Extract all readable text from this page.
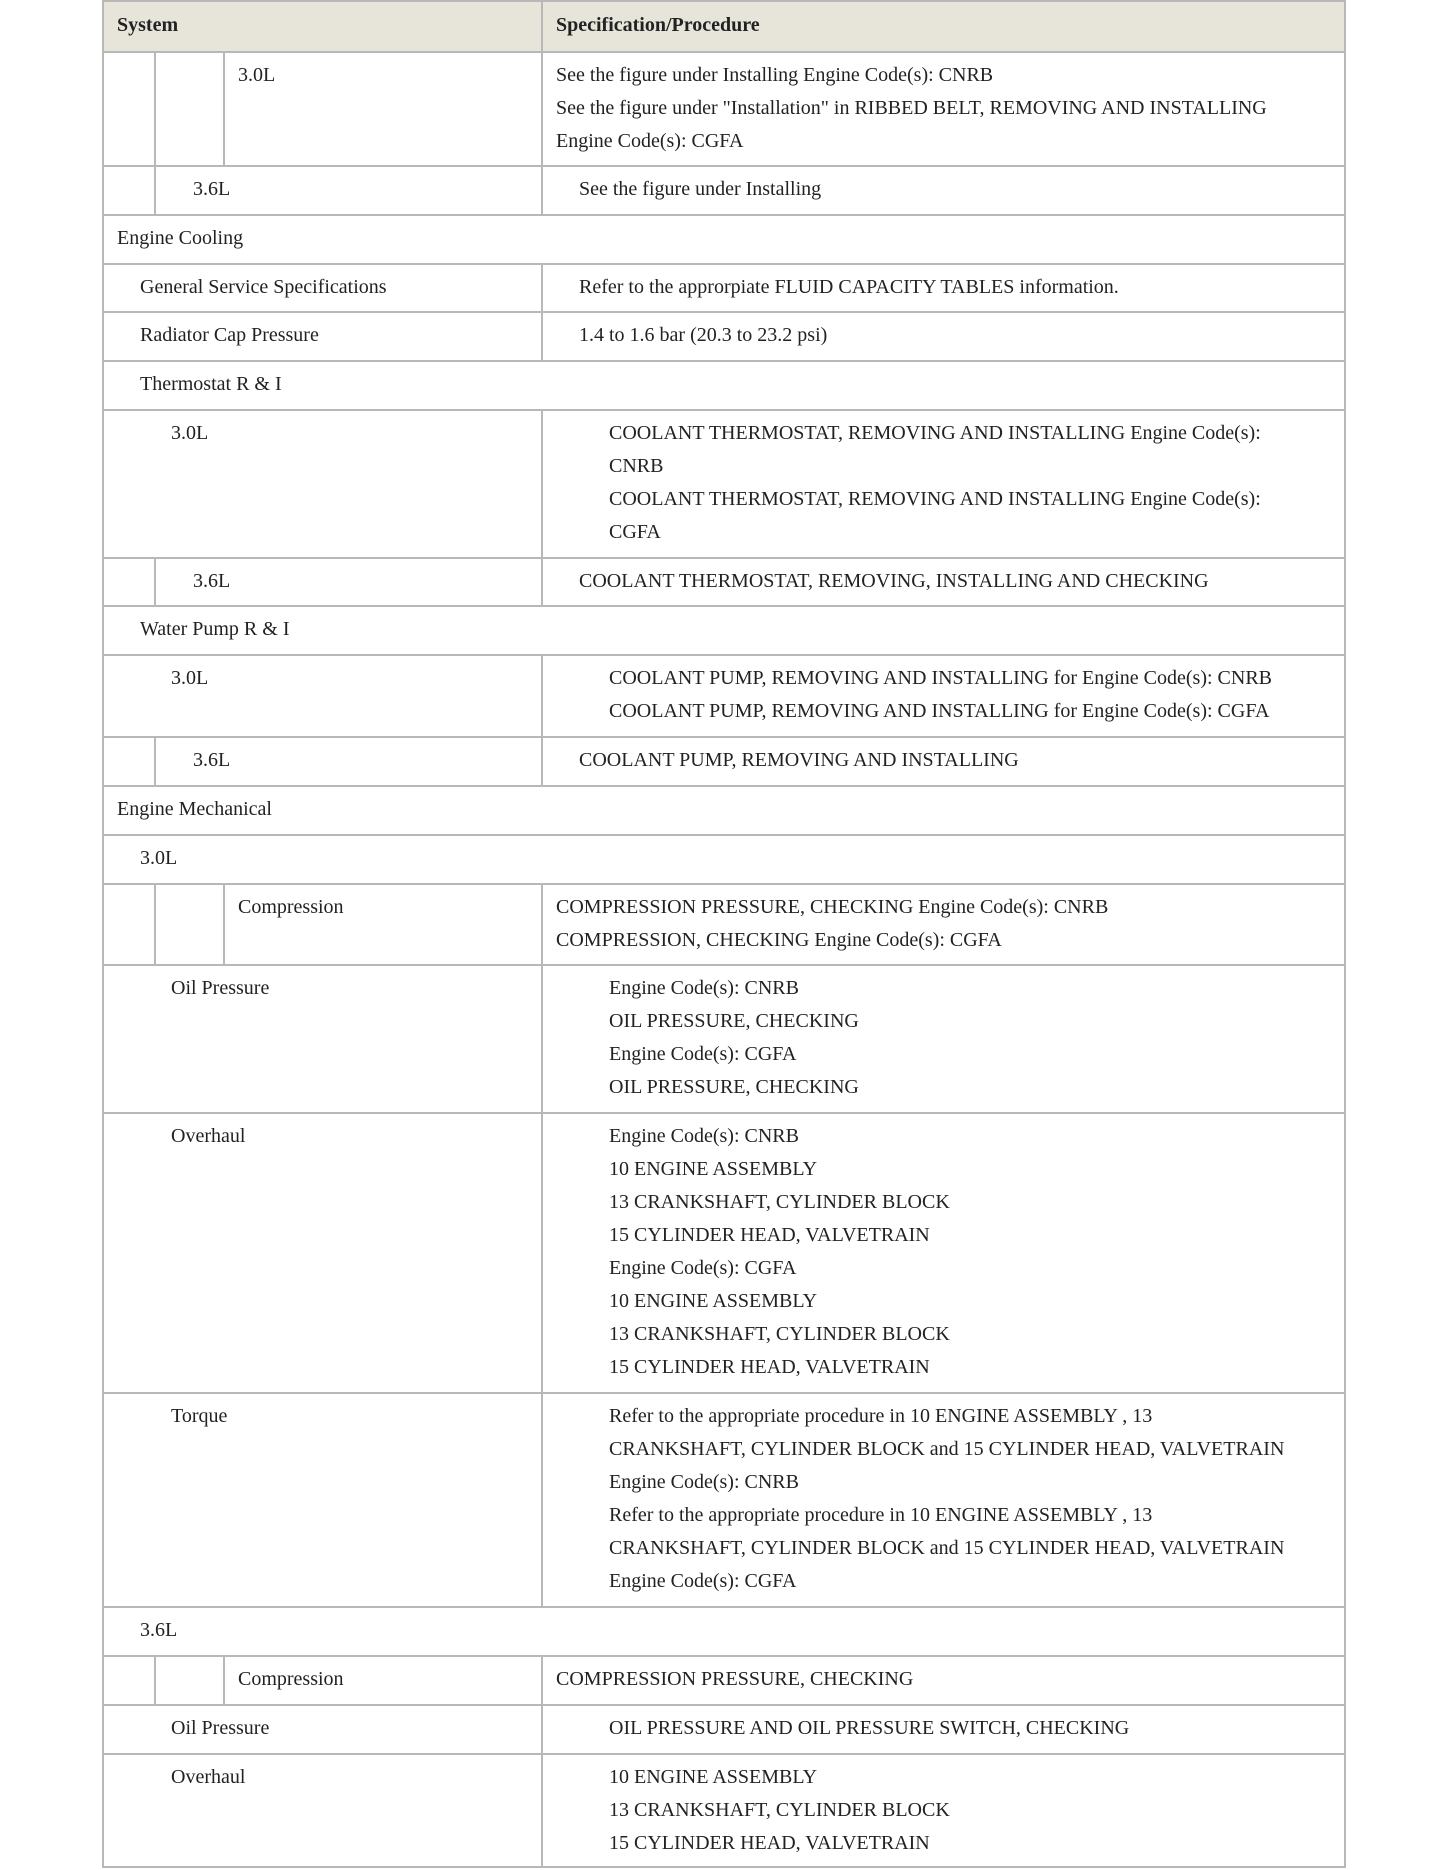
System	Specification/Procedure
3.0L	See the figure under Installing Engine Code(s): CNRB
See the figure under "Installation" in RIBBED BELT, REMOVING AND INSTALLING
Engine Code(s): CGFA
3.6L	See the figure under Installing
Engine Cooling
General Service Specifications	Refer to the approrpiate FLUID CAPACITY TABLES information.
Radiator Cap Pressure	1.4 to 1.6 bar (20.3 to 23.2 psi)
Thermostat R & I
3.0L	COOLANT THERMOSTAT, REMOVING AND INSTALLING Engine Code(s):
CNRB
COOLANT THERMOSTAT, REMOVING AND INSTALLING Engine Code(s):
CGFA
3.6L	COOLANT THERMOSTAT, REMOVING, INSTALLING AND CHECKING
Water Pump R & I
3.0L	COOLANT PUMP, REMOVING AND INSTALLING for Engine Code(s): CNRB
COOLANT PUMP, REMOVING AND INSTALLING for Engine Code(s): CGFA
3.6L	COOLANT PUMP, REMOVING AND INSTALLING
Engine Mechanical
3.0L
Compression	COMPRESSION PRESSURE, CHECKING Engine Code(s): CNRB
COMPRESSION, CHECKING Engine Code(s): CGFA
Oil Pressure	Engine Code(s): CNRB
OIL PRESSURE, CHECKING
Engine Code(s): CGFA
OIL PRESSURE, CHECKING
Overhaul	Engine Code(s): CNRB
10 ENGINE ASSEMBLY
13 CRANKSHAFT, CYLINDER BLOCK
15 CYLINDER HEAD, VALVETRAIN
Engine Code(s): CGFA
10 ENGINE ASSEMBLY
13 CRANKSHAFT, CYLINDER BLOCK
15 CYLINDER HEAD, VALVETRAIN
Torque	Refer to the appropriate procedure in 10 ENGINE ASSEMBLY , 13
CRANKSHAFT, CYLINDER BLOCK and 15 CYLINDER HEAD, VALVETRAIN
Engine Code(s): CNRB
Refer to the appropriate procedure in 10 ENGINE ASSEMBLY , 13
CRANKSHAFT, CYLINDER BLOCK and 15 CYLINDER HEAD, VALVETRAIN
Engine Code(s): CGFA
3.6L
Compression	COMPRESSION PRESSURE, CHECKING
Oil Pressure	OIL PRESSURE AND OIL PRESSURE SWITCH, CHECKING
Overhaul	10 ENGINE ASSEMBLY
13 CRANKSHAFT, CYLINDER BLOCK
15 CYLINDER HEAD, VALVETRAIN
